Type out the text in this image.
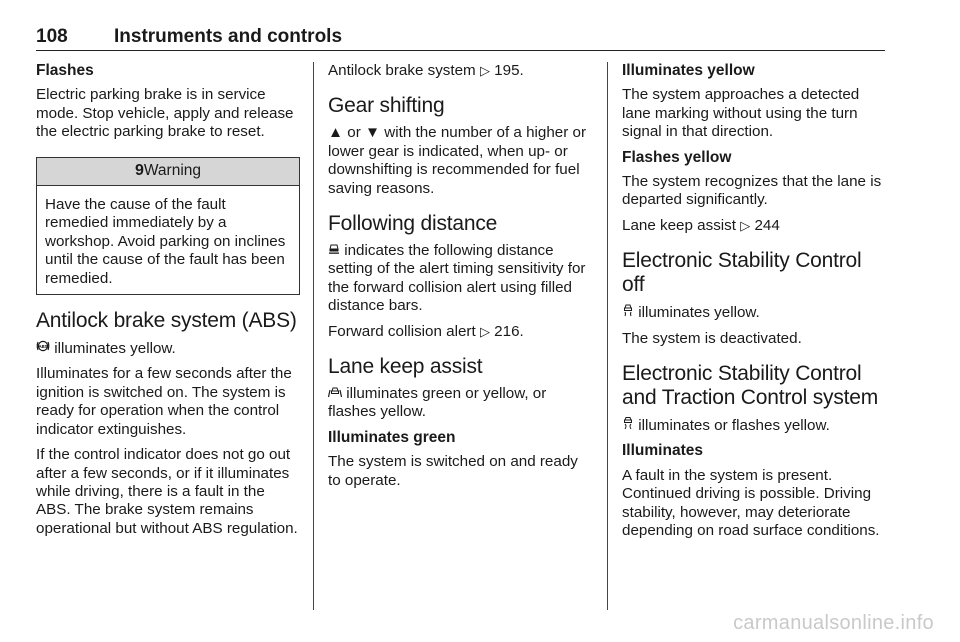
108 Instruments and controls
Flashes

Electric parking brake is in service mode. Stop vehicle, apply and release the electric parking brake to reset.

9Warning
Have the cause of the fault remedied immediately by a workshop. Avoid parking on inclines until the cause of the fault has been remedied.
Antilock brake system (ABS)

ABS illuminates yellow.

Illuminates for a few seconds after the ignition is switched on. The system is ready for operation when the control indicator extinguishes.

If the control indicator does not go out after a few seconds, or if it illuminates while driving, there is a fault in the ABS. The brake system remains operational but without ABS regulation.

Antilock brake system ▷ 195.

Gear shifting

▲ or ▼ with the number of a higher or lower gear is indicated, when up- or downshifting is recommended for fuel saving reasons.

Following distance

indicates the following distance setting of the alert timing sensitivity for the forward collision alert using filled distance bars.

Forward collision alert ▷ 216.

Lane keep assist

illuminates green or yellow, or flashes yellow.

Illuminates green

The system is switched on and ready to operate.

Illuminates yellow

The system approaches a detected lane marking without using the turn signal in that direction.

Flashes yellow

The system recognizes that the lane is departed significantly.

Lane keep assist ▷ 244

Electronic Stability Control off

illuminates yellow.

The system is deactivated.

Electronic Stability Control and Traction Control system

illuminates or flashes yellow.

Illuminates

A fault in the system is present. Continued driving is possible. Driving stability, however, may deteriorate depending on road surface conditions.

carmanualsonline.info
